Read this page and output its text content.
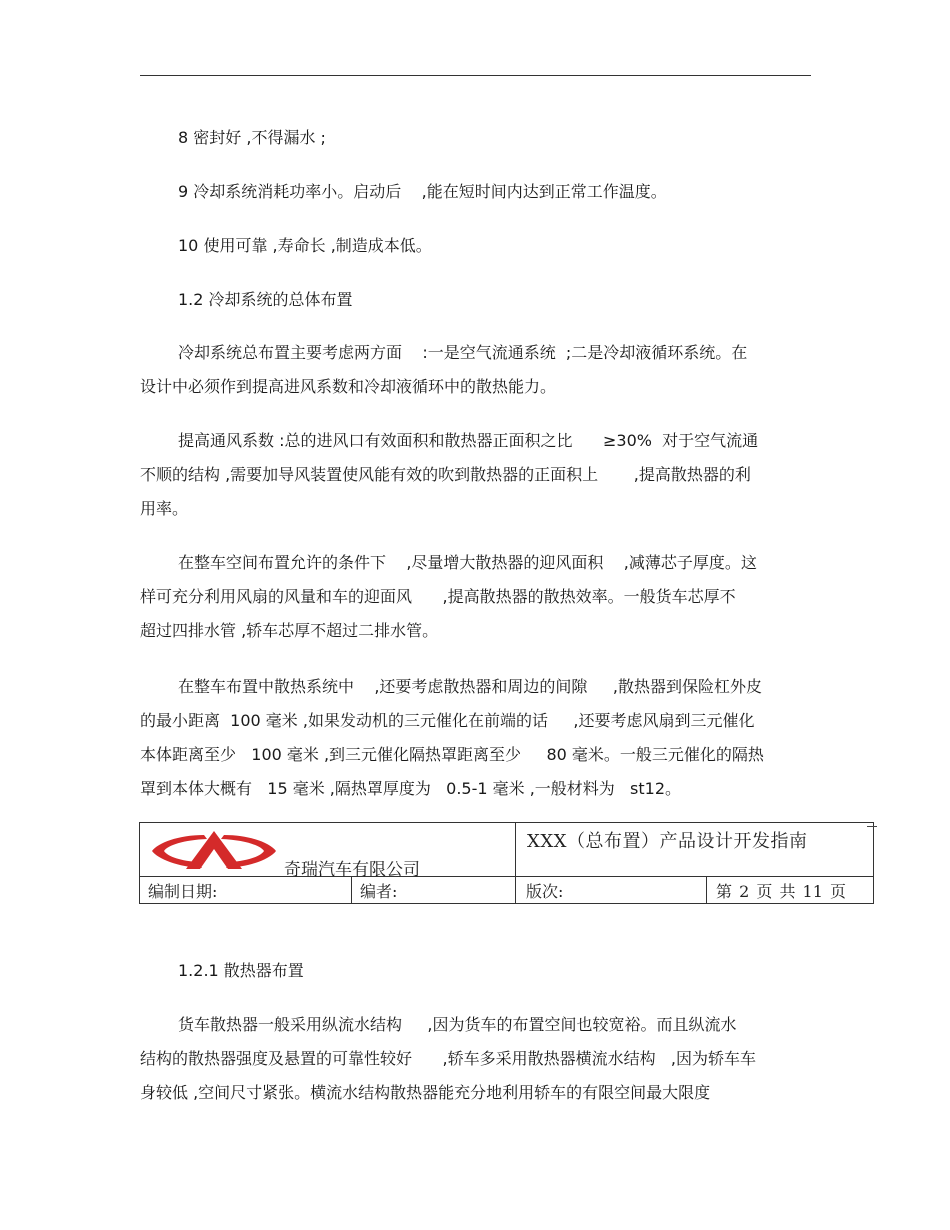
8 密封好 ,不得漏水 ;

9 冷却系统消耗功率小。启动后    ,能在短时间内达到正常工作温度。

10 使用可靠 ,寿命长 ,制造成本低。

1.2 冷却系统的总体布置

冷却系统总布置主要考虑两方面    :一是空气流通系统  ;二是冷却液循环系统。在

设计中必须作到提高进风系数和冷却液循环中的散热能力。

提高通风系数 :总的进风口有效面积和散热器正面积之比      ≥30%  对于空气流通

不顺的结构 ,需要加导风装置使风能有效的吹到散热器的正面积上       ,提高散热器的利

用率。

在整车空间布置允许的条件下    ,尽量增大散热器的迎风面积    ,减薄芯子厚度。这

样可充分利用风扇的风量和车的迎面风      ,提高散热器的散热效率。一般货车芯厚不

超过四排水管 ,轿车芯厚不超过二排水管。

在整车布置中散热系统中    ,还要考虑散热器和周边的间隙     ,散热器到保险杠外皮

的最小距离  100 毫米 ,如果发动机的三元催化在前端的话     ,还要考虑风扇到三元催化

本体距离至少   100 毫米 ,到三元催化隔热罩距离至少     80 毫米。一般三元催化的隔热

罩到本体大概有   15 毫米 ,隔热罩厚度为   0.5-1 毫米 ,一般材料为   st12。

奇瑞汽车有限公司
XXX（总布置）产品设计开发指南
编制日期:	编者:	版次:	第 2 页 共 11 页

1.2.1 散热器布置

货车散热器一般采用纵流水结构     ,因为货车的布置空间也较宽裕。而且纵流水

结构的散热器强度及悬置的可靠性较好      ,轿车多采用散热器横流水结构   ,因为轿车车

身较低 ,空间尺寸紧张。横流水结构散热器能充分地利用轿车的有限空间最大限度
